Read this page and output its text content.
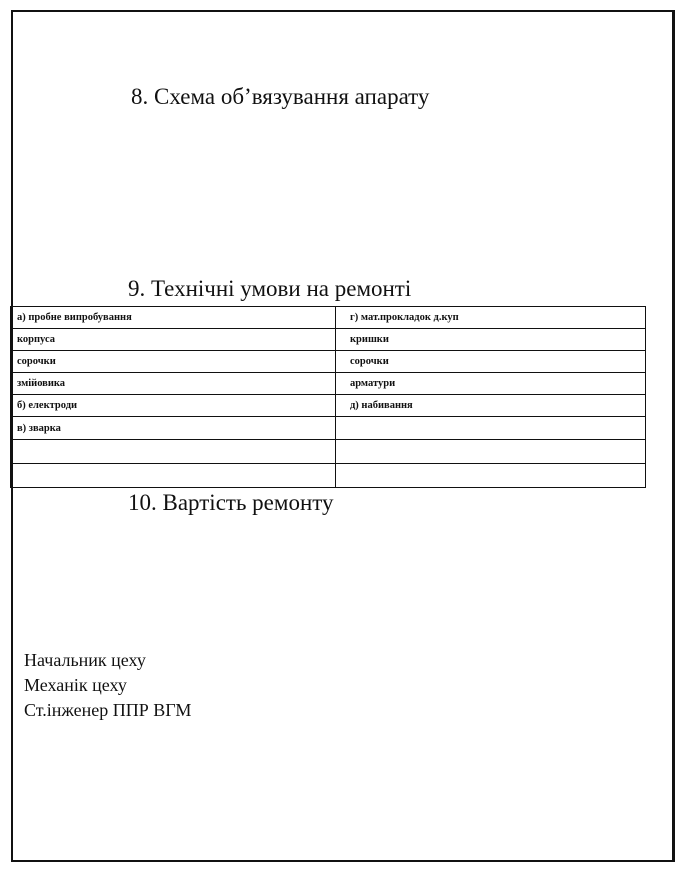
8. Схема об’вязування апарату
9. Технічні умови на ремонті
а) пробне випробування	г) мат.прокладок д.куп
корпуса	кришки
сорочки	сорочки
змійовика	арматури
б) електроди	д) набивання
в) зварка	

10. Вартість ремонту
Начальник цеху
Механік цеху
Ст.інженер ППР ВГМ
